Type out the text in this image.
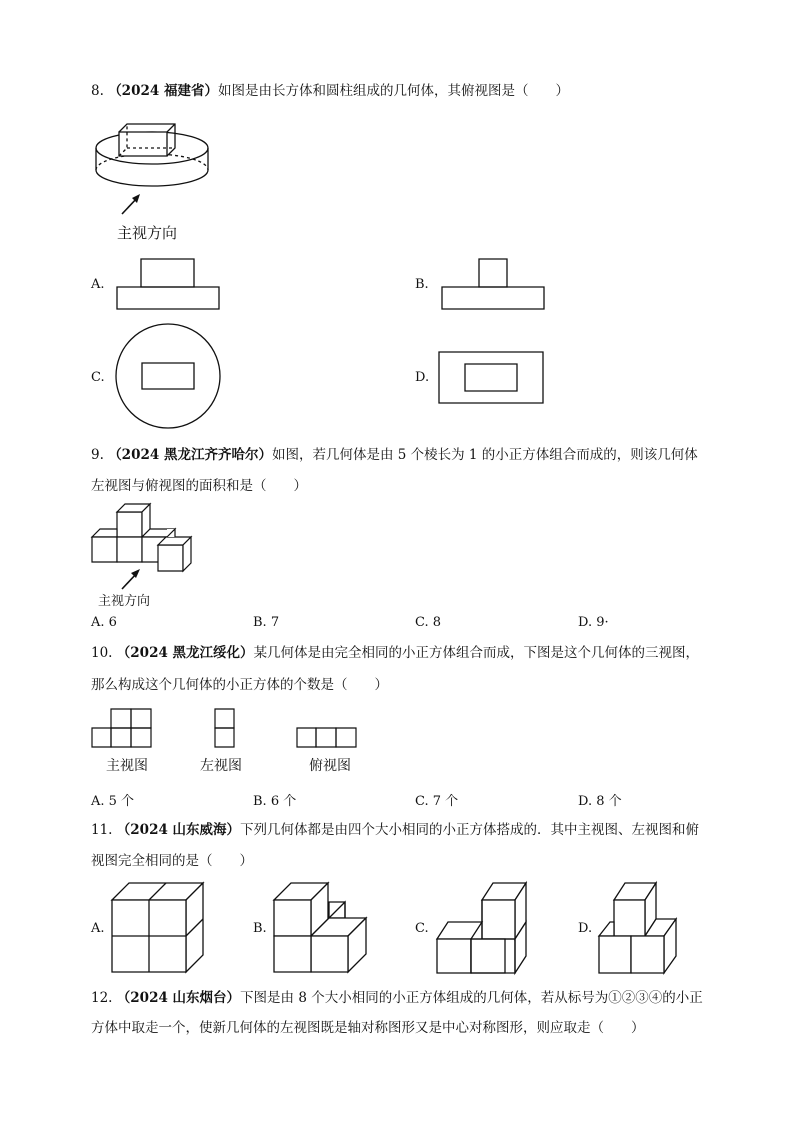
8. （2024 福建省）如图是由长方体和圆柱组成的几何体，其俯视图是（　　）
主视方向
A.	B.
C.	D.
9. （2024 黑龙江齐齐哈尔）如图，若几何体是由 5 个棱长为 1 的小正方体组合而成的，则该几何体
左视图与俯视图的面积和是（　　）
主视方向
A. 6	B. 7	C. 8	D. 9·
10. （2024 黑龙江绥化）某几何体是由完全相同的小正方体组合而成，下图是这个几何体的三视图，
那么构成这个几何体的小正方体的个数是（　　）
主视图	左视图	俯视图
A. 5 个	B. 6 个	C. 7 个	D. 8 个
11. （2024 山东威海）下列几何体都是由四个大小相同的小正方体搭成的．其中主视图、左视图和俯
视图完全相同的是（　　）
A.	B.	C.	D.
12. （2024 山东烟台）下图是由 8 个大小相同的小正方体组成的几何体，若从标号为①②③④的小正
方体中取走一个，使新几何体的左视图既是轴对称图形又是中心对称图形，则应取走（　　）
